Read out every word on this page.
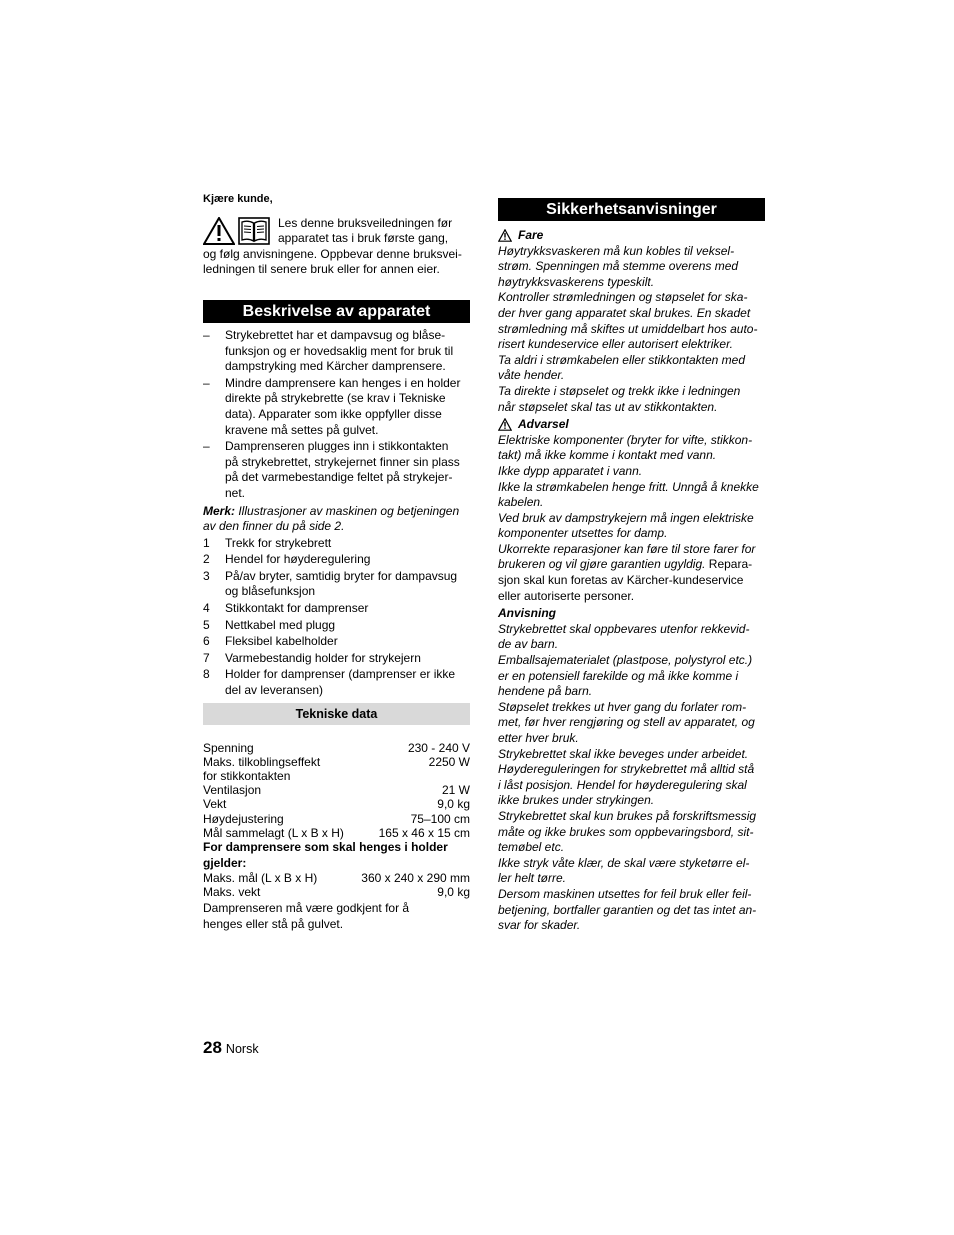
Kjære kunde,
Les denne bruksveiledningen før
apparatet tas i bruk første gang,
og følg anvisningene. Oppbevar denne bruksvei-
ledningen til senere bruk eller for annen eier.
Beskrivelse av apparatet
–	Strykebrettet har et dampavsug og blåse-
funksjon og er hovedsaklig ment for bruk til
dampstryking med Kärcher damprensere.
–	Mindre damprensere kan henges i en holder
direkte på strykebrette (se krav i Tekniske
data). Apparater som ikke oppfyller disse
kravene må settes på gulvet.
–	Damprenseren plugges inn i stikkontakten
på strykebrettet, strykejernet finner sin plass
på det varmebestandige feltet på strykejer-
net.
Merk: Illustrasjoner av maskinen og betjeningen
av den finner du på side 2.
1	Trekk for strykebrett
2	Hendel for høyderegulering
3	På/av bryter, samtidig bryter for dampavsug
og blåsefunksjon
4	Stikkontakt for damprenser
5	Nettkabel med plugg
6	Fleksibel kabelholder
7	Varmebestandig holder for strykejern
8	Holder for damprenser (damprenser er ikke
del av leveransen)
Tekniske data
Spenning	230 - 240 V
Maks. tilkoblingseffekt for stikkontakten	2250 W
Ventilasjon	21 W
Vekt	9,0 kg
Høydejustering	75–100 cm
Mål sammelagt (L x B x H)	165 x 46 x 15 cm
For damprensere som skal henges i holder gjelder:	
Maks. mål (L x B x H)	360 x 240 x 290 mm
Maks. vekt	9,0 kg
Damprenseren må være godkjent for å
henges eller stå på gulvet.
Sikkerhetsanvisninger
Fare
Høytrykksvaskeren må kun kobles til veksel-
strøm. Spenningen må stemme overens med
høytrykksvaskerens typeskilt.
Kontroller strømledningen og støpselet for ska-
der hver gang apparatet skal brukes. En skadet
strømledning må skiftes ut umiddelbart hos auto-
risert kundeservice eller autorisert elektriker.
Ta aldri i strømkabelen eller stikkontakten med
våte hender.
Ta direkte i støpselet og trekk ikke i ledningen
når støpselet skal tas ut av stikkontakten.
Advarsel
Elektriske komponenter (bryter for vifte, stikkon-
takt) må ikke komme i kontakt med vann.
Ikke dypp apparatet i vann.
Ikke la strømkabelen henge fritt. Unngå å knekke
kabelen.
Ved bruk av dampstrykejern må ingen elektriske
komponenter utsettes for damp.
Ukorrekte reparasjoner kan føre til store farer for
brukeren og vil gjøre garantien ugyldig. Repara-
sjon skal kun foretas av Kärcher-kundeservice
eller autoriserte personer.
Anvisning
Strykebrettet skal oppbevares utenfor rekkevid-
de av barn.
Emballsajematerialet (plastpose, polystyrol etc.)
er en potensiell farekilde og må ikke komme i
hendene på barn.
Støpselet trekkes ut hver gang du forlater rom-
met, før hver rengjøring og stell av apparatet, og
etter hver bruk.
Strykebrettet skal ikke beveges under arbeidet.
Høydereguleringen for strykebrettet må alltid stå
i låst posisjon. Hendel for høyderegulering skal
ikke brukes under strykingen.
Strykebrettet skal kun brukes på forskriftsmessig
måte og ikke brukes som oppbevaringsbord, sit-
temøbel etc.
Ikke stryk våte klær, de skal være styketørre el-
ler helt tørre.
Dersom maskinen utsettes for feil bruk eller feil-
betjening, bortfaller garantien og det tas intet an-
svar for skader.
28 Norsk
